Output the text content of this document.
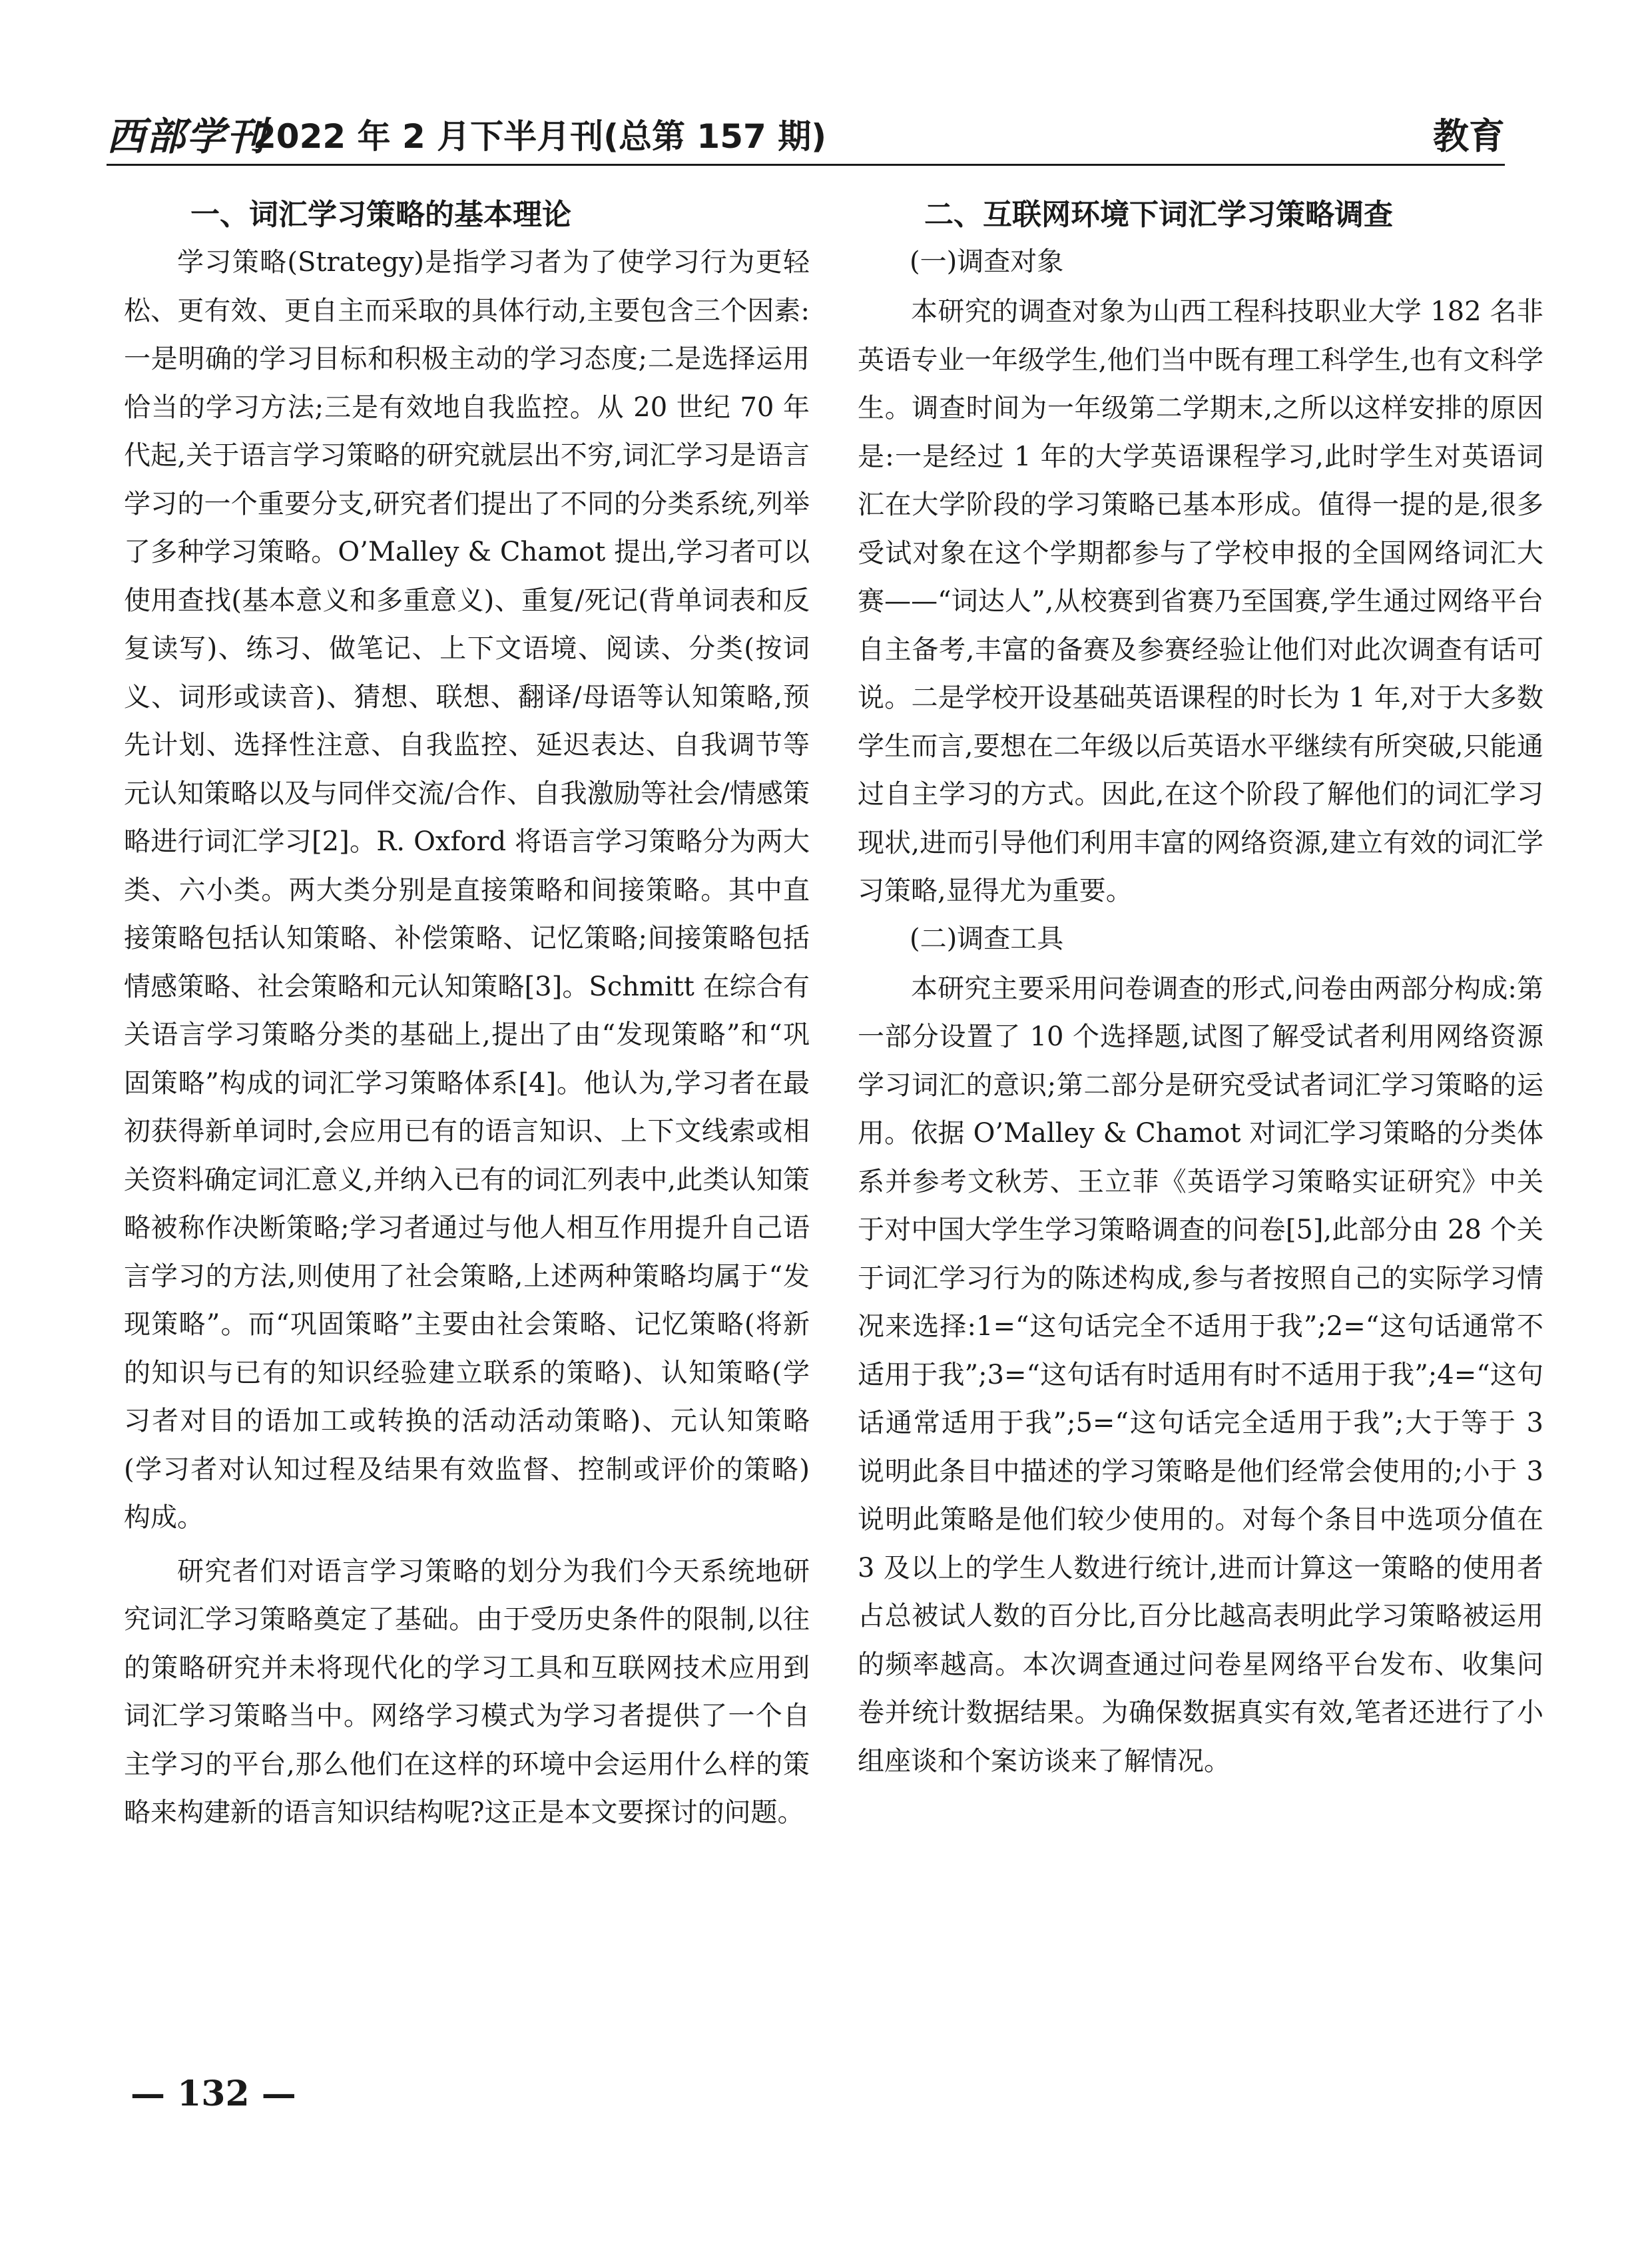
西部学刊
2022 年 2 月下半月刊(总第 157 期)	教育
一、词汇学习策略的基本理论

学习策略(Strategy)是指学习者为了使学习行为更轻松、更有效、更自主而采取的具体行动,主要包含三个因素:一是明确的学习目标和积极主动的学习态度;二是选择运用恰当的学习方法;三是有效地自我监控。从 20 世纪 70 年代起,关于语言学习策略的研究就层出不穷,词汇学习是语言学习的一个重要分支,研究者们提出了不同的分类系统,列举了多种学习策略。O’Malley & Chamot 提出,学习者可以使用查找(基本意义和多重意义)、重复/死记(背单词表和反复读写)、练习、做笔记、上下文语境、阅读、分类(按词义、词形或读音)、猜想、联想、翻译/母语等认知策略,预先计划、选择性注意、自我监控、延迟表达、自我调节等元认知策略以及与同伴交流/合作、自我激励等社会/情感策略进行词汇学习[2]。R. Oxford 将语言学习策略分为两大类、六小类。两大类分别是直接策略和间接策略。其中直接策略包括认知策略、补偿策略、记忆策略;间接策略包括情感策略、社会策略和元认知策略[3]。Schmitt 在综合有关语言学习策略分类的基础上,提出了由“发现策略”和“巩固策略”构成的词汇学习策略体系[4]。他认为,学习者在最初获得新单词时,会应用已有的语言知识、上下文线索或相关资料确定词汇意义,并纳入已有的词汇列表中,此类认知策略被称作决断策略;学习者通过与他人相互作用提升自己语言学习的方法,则使用了社会策略,上述两种策略均属于“发现策略”。而“巩固策略”主要由社会策略、记忆策略(将新的知识与已有的知识经验建立联系的策略)、认知策略(学习者对目的语加工或转换的活动活动策略)、元认知策略(学习者对认知过程及结果有效监督、控制或评价的策略)构成。

研究者们对语言学习策略的划分为我们今天系统地研究词汇学习策略奠定了基础。由于受历史条件的限制,以往的策略研究并未将现代化的学习工具和互联网技术应用到词汇学习策略当中。网络学习模式为学习者提供了一个自主学习的平台,那么他们在这样的环境中会运用什么样的策略来构建新的语言知识结构呢?这正是本文要探讨的问题。

二、互联网环境下词汇学习策略调查
(一)调查对象

本研究的调查对象为山西工程科技职业大学 182 名非英语专业一年级学生,他们当中既有理工科学生,也有文科学生。调查时间为一年级第二学期末,之所以这样安排的原因是:一是经过 1 年的大学英语课程学习,此时学生对英语词汇在大学阶段的学习策略已基本形成。值得一提的是,很多受试对象在这个学期都参与了学校申报的全国网络词汇大赛——“词达人”,从校赛到省赛乃至国赛,学生通过网络平台自主备考,丰富的备赛及参赛经验让他们对此次调查有话可说。二是学校开设基础英语课程的时长为 1 年,对于大多数学生而言,要想在二年级以后英语水平继续有所突破,只能通过自主学习的方式。因此,在这个阶段了解他们的词汇学习现状,进而引导他们利用丰富的网络资源,建立有效的词汇学习策略,显得尤为重要。

(二)调查工具

本研究主要采用问卷调查的形式,问卷由两部分构成:第一部分设置了 10 个选择题,试图了解受试者利用网络资源学习词汇的意识;第二部分是研究受试者词汇学习策略的运用。依据 O’Malley & Chamot 对词汇学习策略的分类体系并参考文秋芳、王立菲《英语学习策略实证研究》中关于对中国大学生学习策略调查的问卷[5],此部分由 28 个关于词汇学习行为的陈述构成,参与者按照自己的实际学习情况来选择:1=“这句话完全不适用于我”;2=“这句话通常不适用于我”;3=“这句话有时适用有时不适用于我”;4=“这句话通常适用于我”;5=“这句话完全适用于我”;大于等于 3 说明此条目中描述的学习策略是他们经常会使用的;小于 3 说明此策略是他们较少使用的。对每个条目中选项分值在 3 及以上的学生人数进行统计,进而计算这一策略的使用者占总被试人数的百分比,百分比越高表明此学习策略被运用的频率越高。本次调查通过问卷星网络平台发布、收集问卷并统计数据结果。为确保数据真实有效,笔者还进行了小组座谈和个案访谈来了解情况。

— 132 —
